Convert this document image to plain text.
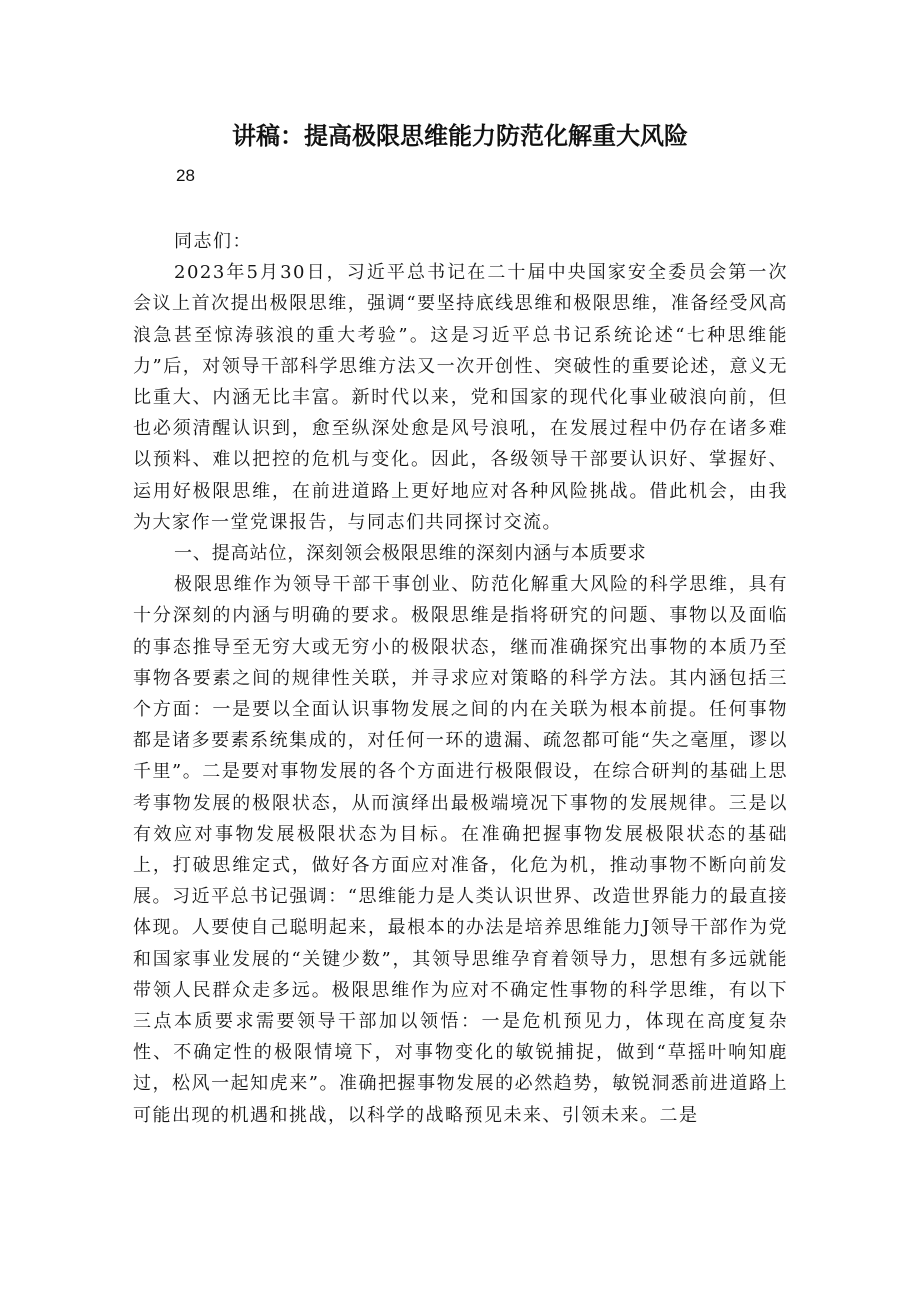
讲稿：提高极限思维能力防范化解重大风险
28

同志们：

2023年5月30日，习近平总书记在二十届中央国家安全委员会第一次会议上首次提出极限思维，强调“要坚持底线思维和极限思维，准备经受风高浪急甚至惊涛骇浪的重大考验”。这是习近平总书记系统论述“七种思维能力”后，对领导干部科学思维方法又一次开创性、突破性的重要论述，意义无比重大、内涵无比丰富。新时代以来，党和国家的现代化事业破浪向前，但也必须清醒认识到，愈至纵深处愈是风号浪吼，在发展过程中仍存在诸多难以预料、难以把控的危机与变化。因此，各级领导干部要认识好、掌握好、运用好极限思维，在前进道路上更好地应对各种风险挑战。借此机会，由我为大家作一堂党课报告，与同志们共同探讨交流。

一、提高站位，深刻领会极限思维的深刻内涵与本质要求

极限思维作为领导干部干事创业、防范化解重大风险的科学思维，具有十分深刻的内涵与明确的要求。极限思维是指将研究的问题、事物以及面临的事态推导至无穷大或无穷小的极限状态，继而准确探究出事物的本质乃至事物各要素之间的规律性关联，并寻求应对策略的科学方法。其内涵包括三个方面：一是要以全面认识事物发展之间的内在关联为根本前提。任何事物都是诸多要素系统集成的，对任何一环的遗漏、疏忽都可能“失之毫厘，谬以千里”。二是要对事物发展的各个方面进行极限假设，在综合研判的基础上思考事物发展的极限状态，从而演绎出最极端境况下事物的发展规律。三是以有效应对事物发展极限状态为目标。在准确把握事物发展极限状态的基础上，打破思维定式，做好各方面应对准备，化危为机，推动事物不断向前发展。习近平总书记强调：“思维能力是人类认识世界、改造世界能力的最直接体现。人要使自己聪明起来，最根本的办法是培养思维能力J领导干部作为党和国家事业发展的“关键少数”，其领导思维孕育着领导力，思想有多远就能带领人民群众走多远。极限思维作为应对不确定性事物的科学思维，有以下三点本质要求需要领导干部加以领悟：一是危机预见力，体现在高度复杂性、不确定性的极限情境下，对事物变化的敏锐捕捉，做到“草摇叶响知鹿过，松风一起知虎来”。准确把握事物发展的必然趋势，敏锐洞悉前进道路上可能出现的机遇和挑战，以科学的战略预见未来、引领未来。二是
